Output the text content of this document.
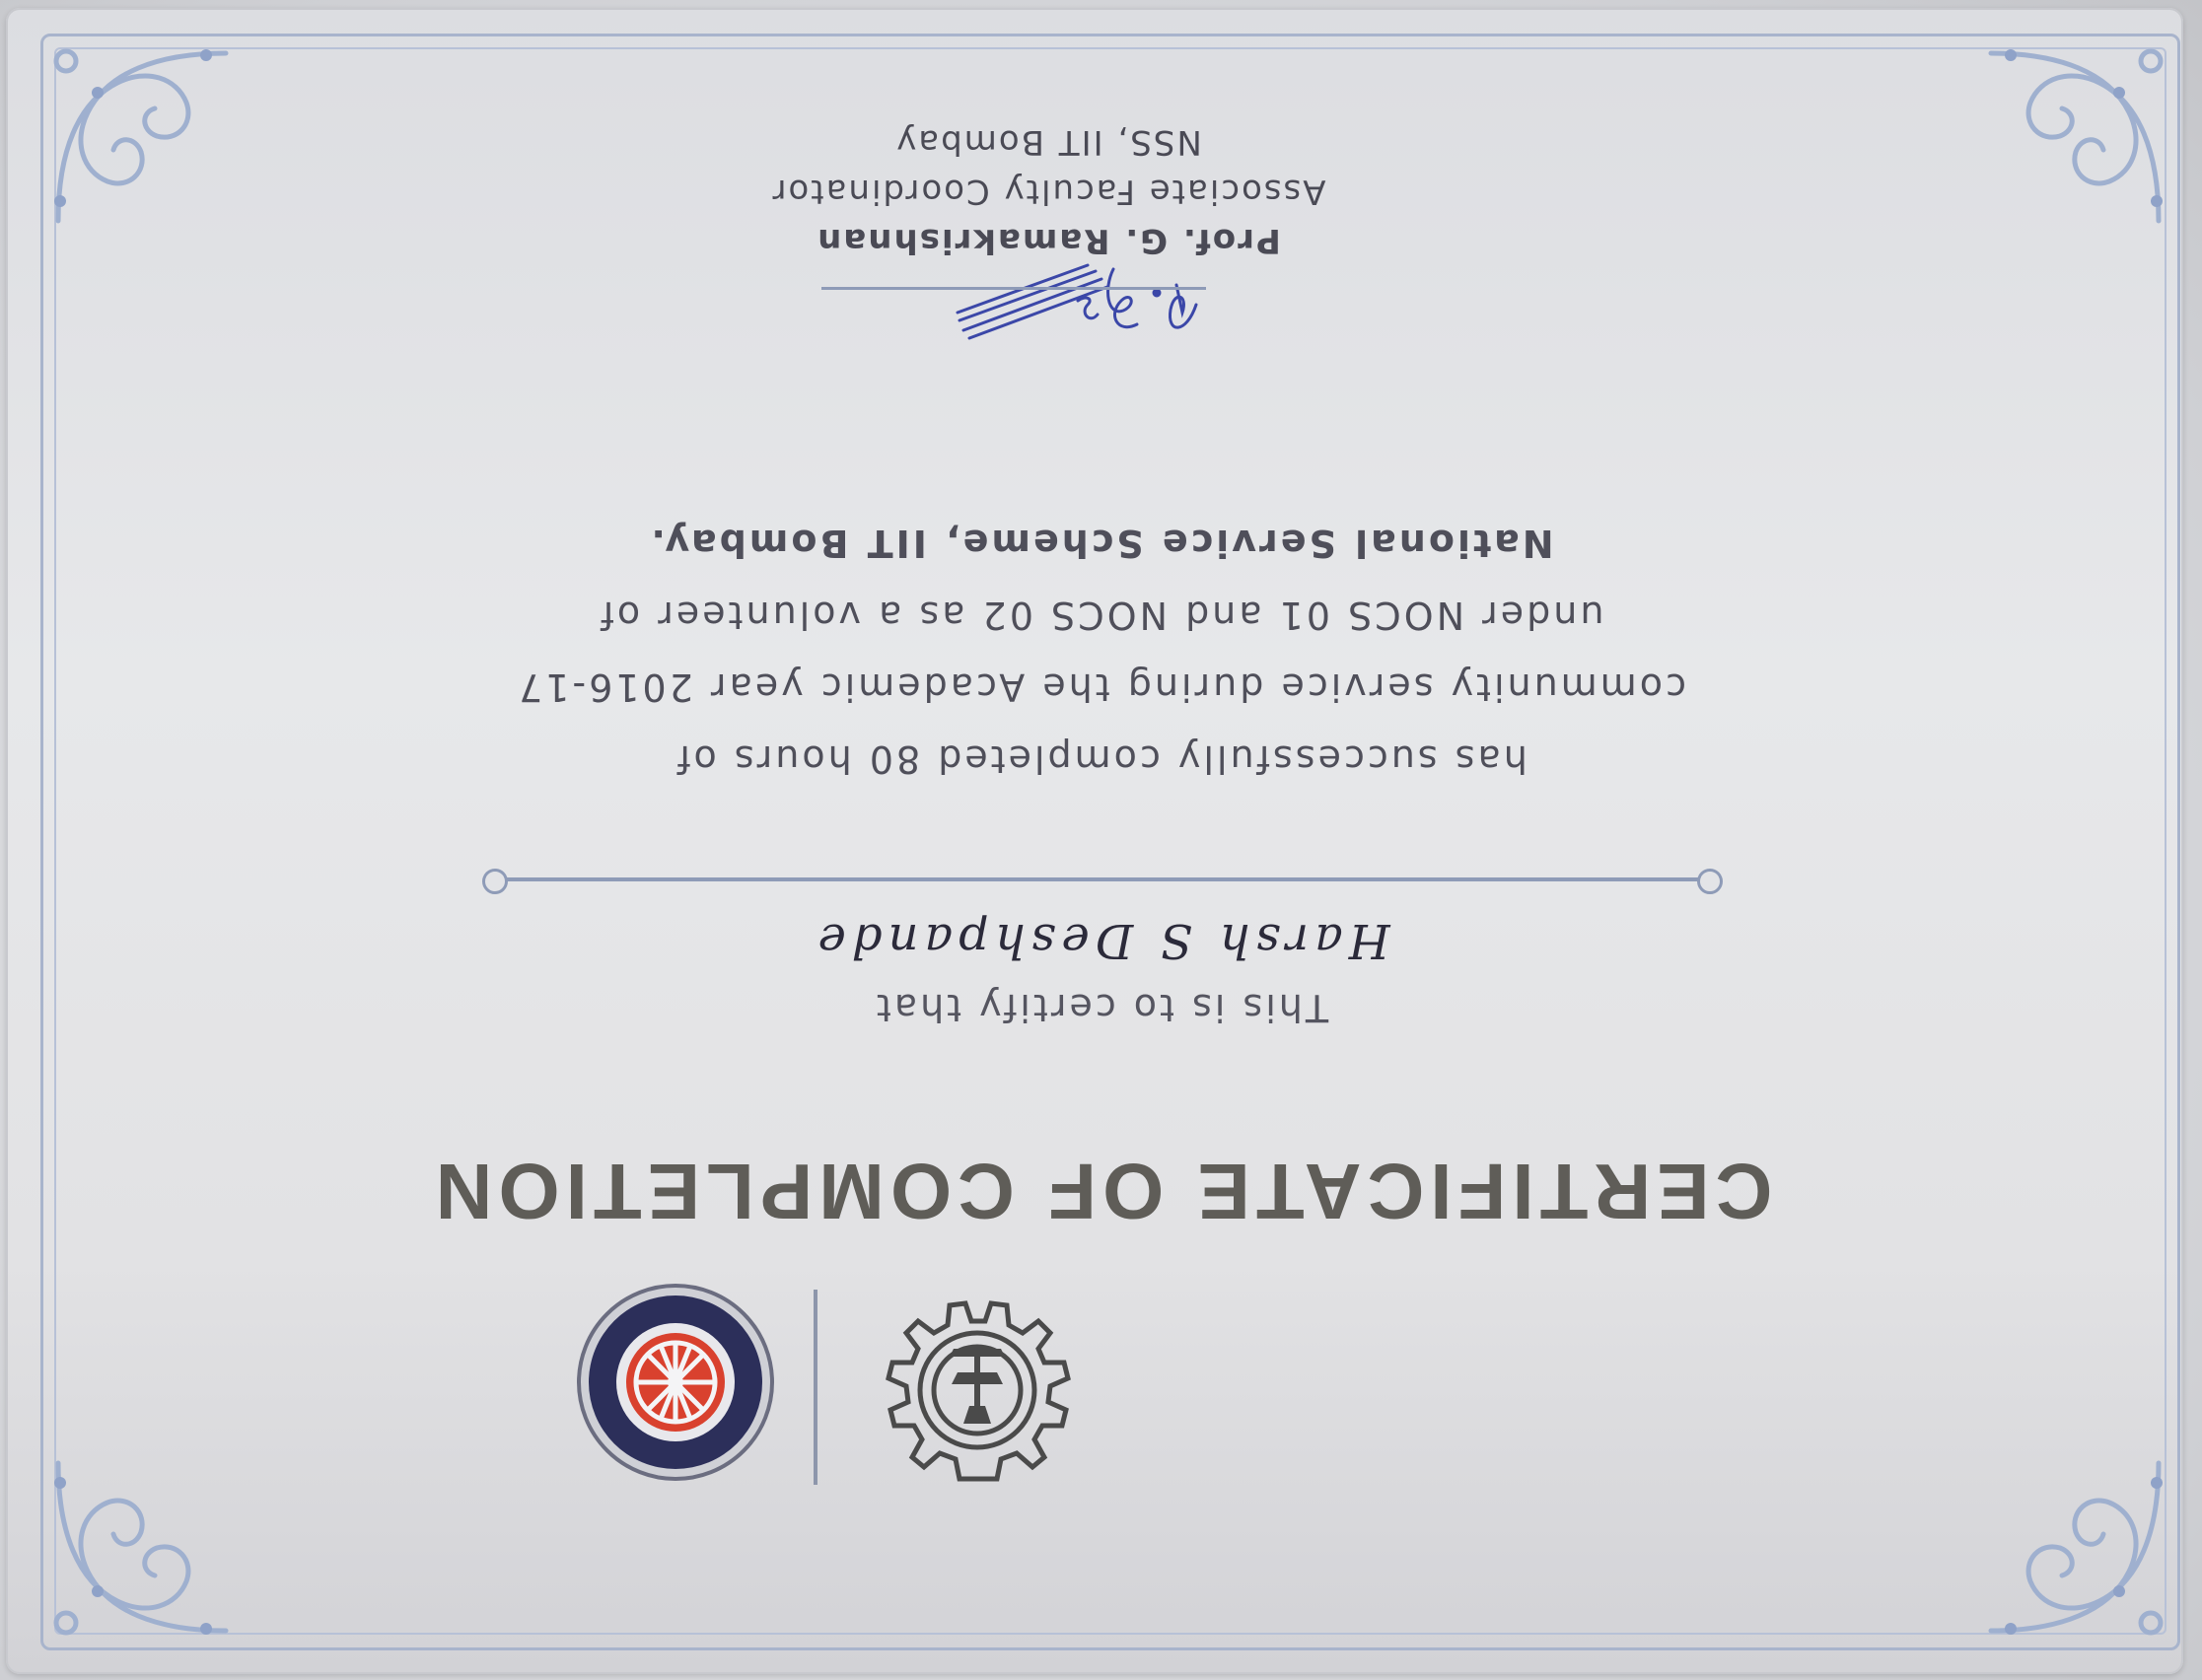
CERTIFICATE OF COMPLETION
This is to certify that
Harsh S Deshpande
has successfully completed 80 hours of
community service during the Academic year 2016-17
under NOCS 01 and NOCS 02 as a volunteer of
National Service Scheme, IIT Bombay.
Prof. G. Ramakrishnan
Associate Faculty Coordinator
NSS, IIT Bombay
